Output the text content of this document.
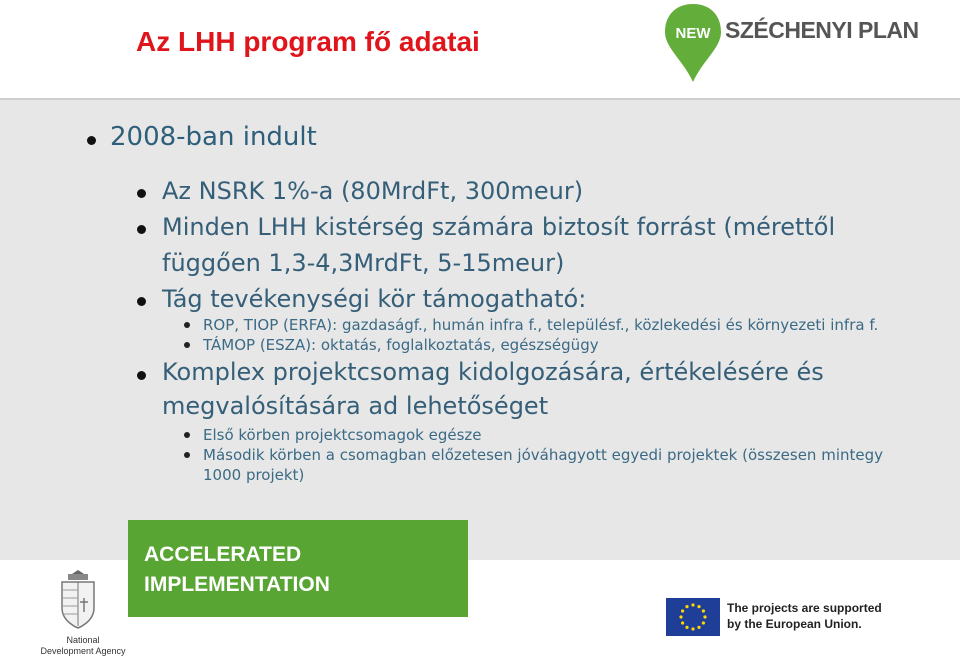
Az LHH program fő adatai	NEW SZÉCHENYI PLAN
2008-ban indult
Az NSRK 1%-a (80MrdFt, 300meur)
Minden LHH kistérség számára biztosít forrást (mérettől
függően 1,3-4,3MrdFt, 5-15meur)
Tág tevékenységi kör támogatható:
ROP, TIOP (ERFA): gazdaságf., humán infra f., településf., közlekedési és környezeti infra f.
TÁMOP (ESZA): oktatás, foglalkoztatás, egészségügy
Komplex projektcsomag kidolgozására, értékelésére és
megvalósítására ad lehetőséget
Első körben projektcsomagok egésze
Második körben a csomagban előzetesen jóváhagyott egyedi projektek (összesen mintegy
1000 projekt)
ACCELERATED
IMPLEMENTATION
National
Development Agency
The projects are supported
by the European Union.
